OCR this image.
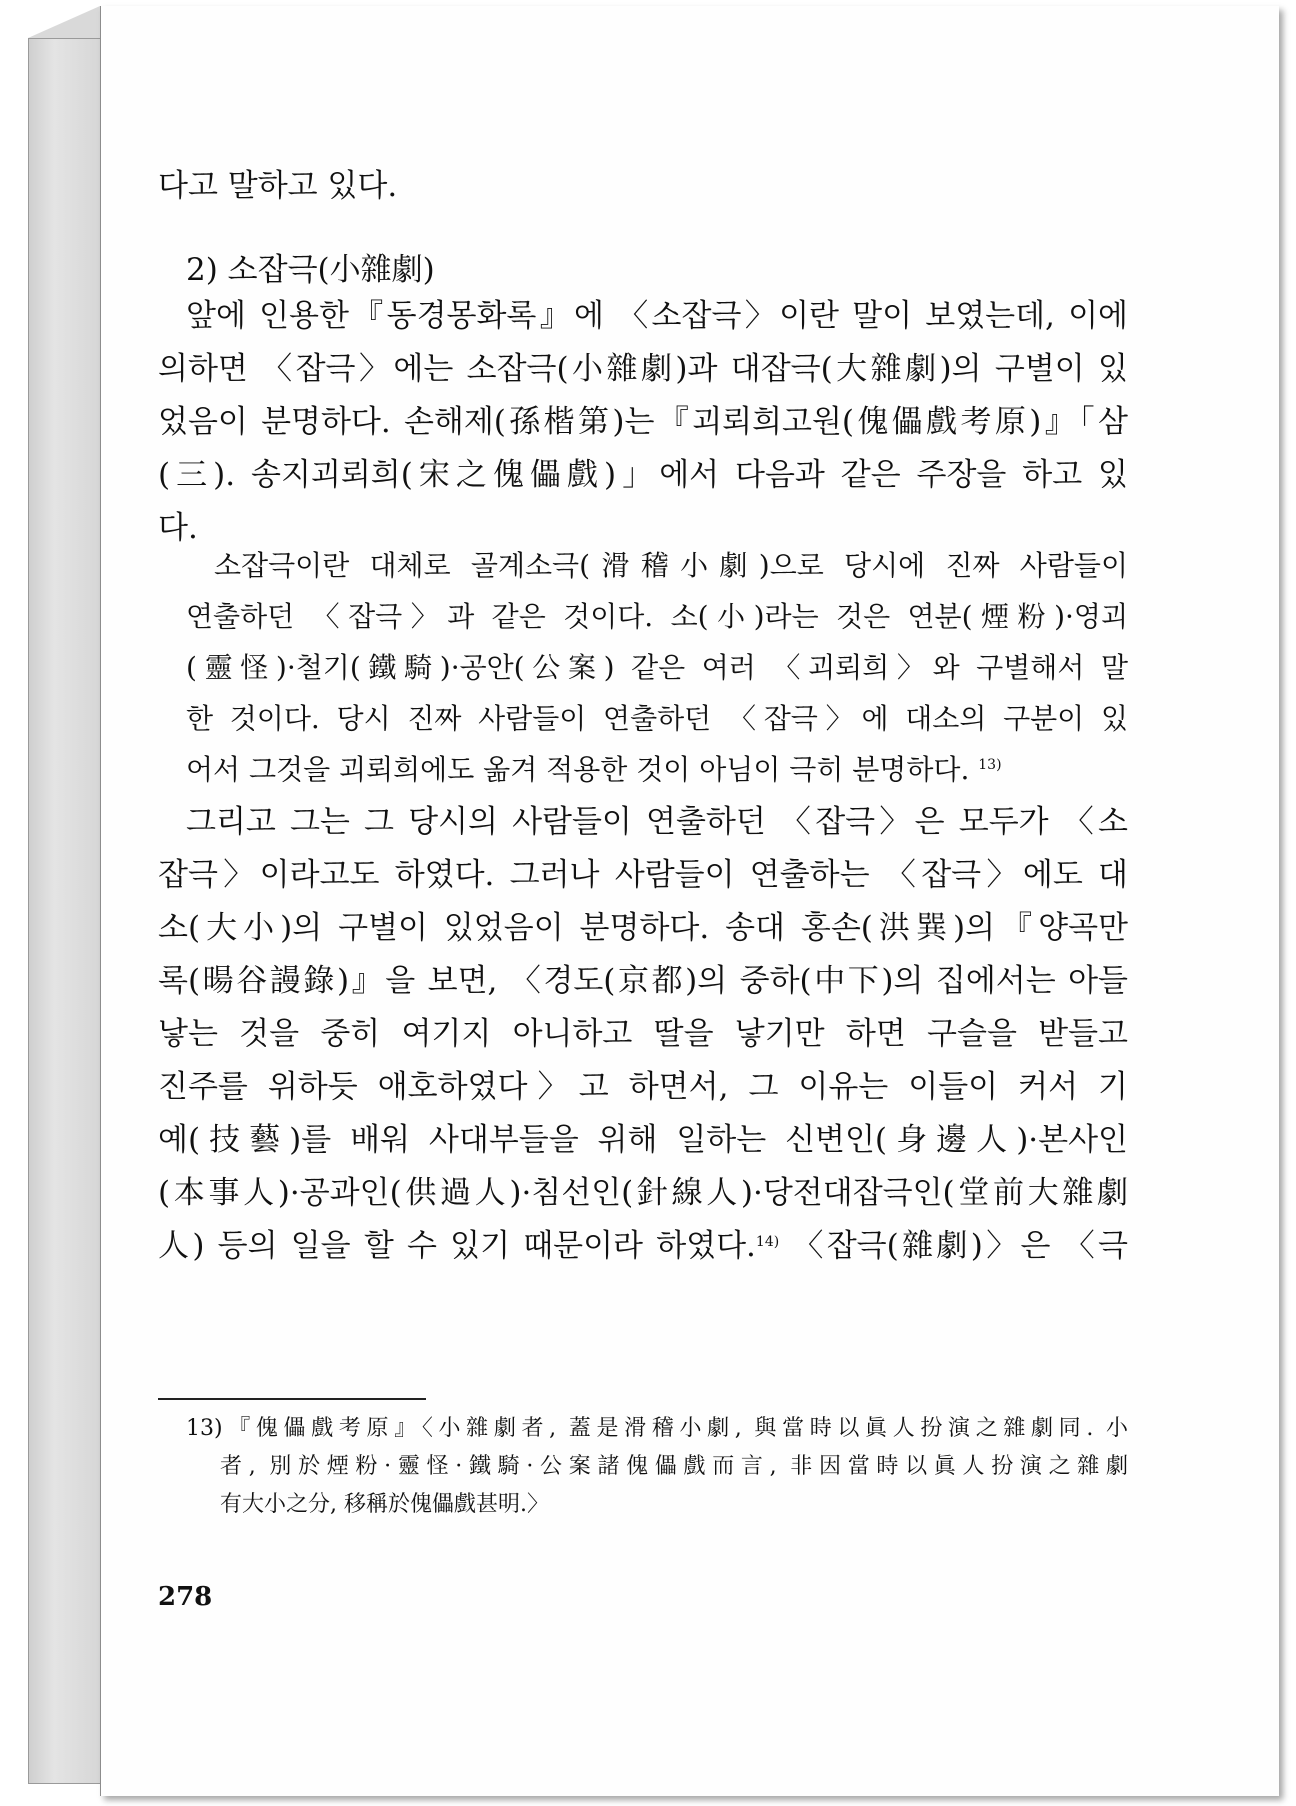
다고 말하고 있다.
2) 소잡극(小雜劇)
앞에 인용한『동경몽화록』에 〈소잡극〉이란 말이 보였는데, 이에
의하면 〈잡극〉에는 소잡극(小雜劇)과 대잡극(大雜劇)의 구별이 있
었음이 분명하다. 손해제(孫楷第)는『괴뢰희고원(傀儡戲考原)』「삼
(三). 송지괴뢰희(宋之傀儡戲)」에서 다음과 같은 주장을 하고 있
다.
소잡극이란 대체로 골계소극(滑稽小劇)으로 당시에 진짜 사람들이
연출하던 〈잡극〉과 같은 것이다. 소(小)라는 것은 연분(煙粉)·영괴
(靈怪)·철기(鐵騎)·공안(公案) 같은 여러 〈괴뢰희〉와 구별해서 말
한 것이다. 당시 진짜 사람들이 연출하던 〈잡극〉에 대소의 구분이 있
어서 그것을 괴뢰희에도 옮겨 적용한 것이 아님이 극히 분명하다. $^{13)}$
그리고 그는 그 당시의 사람들이 연출하던 〈잡극〉은 모두가 〈소
잡극〉이라고도 하였다. 그러나 사람들이 연출하는 〈잡극〉에도 대
소(大小)의 구별이 있었음이 분명하다. 송대 홍손(洪巽)의『양곡만
록(暘谷謾錄)』을 보면, 〈경도(京都)의 중하(中下)의 집에서는 아들
낳는 것을 중히 여기지 아니하고 딸을 낳기만 하면 구슬을 받들고
진주를 위하듯 애호하였다〉고 하면서, 그 이유는 이들이 커서 기
예(技藝)를 배워 사대부들을 위해 일하는 신변인(身邊人)·본사인
(本事人)·공과인(供過人)·침선인(針線人)·당전대잡극인(堂前大雜劇
人) 등의 일을 할 수 있기 때문이라 하였다.$^{14)}$ 〈잡극(雜劇)〉은 〈극
13)『傀儡戲考原』〈小雜劇者, 蓋是滑稽小劇, 與當時以眞人扮演之雜劇同. 小
者, 別於煙粉·靈怪·鐵騎·公案諸傀儡戲而言, 非因當時以眞人扮演之雜劇
有大小之分, 移稱於傀儡戲甚明.〉
278
